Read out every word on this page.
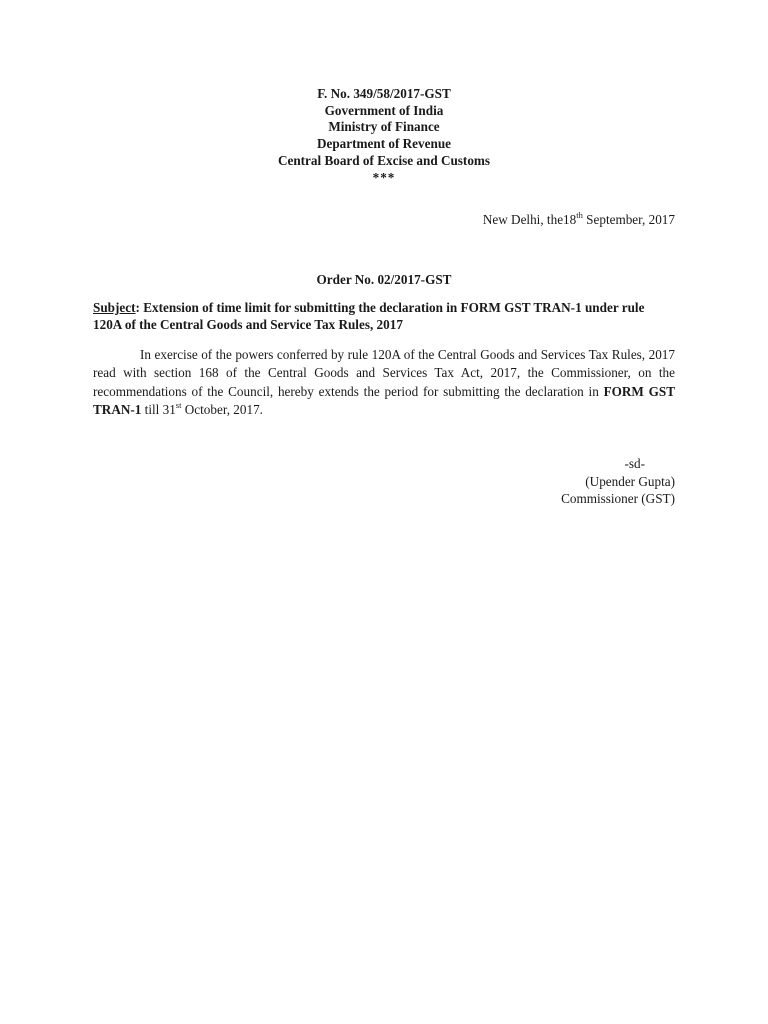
F. No. 349/58/2017-GST
Government of India
Ministry of Finance
Department of Revenue
Central Board of Excise and Customs
***
New Delhi, the18th September, 2017
Order No. 02/2017-GST
Subject: Extension of time limit for submitting the declaration in FORM GST TRAN-1 under rule 120A of the Central Goods and Service Tax Rules, 2017
In exercise of the powers conferred by rule 120A of the Central Goods and Services Tax Rules, 2017 read with section 168 of the Central Goods and Services Tax Act, 2017, the Commissioner, on the recommendations of the Council, hereby extends the period for submitting the declaration in FORM GST TRAN-1 till 31st October, 2017.
-sd-
(Upender Gupta)
Commissioner (GST)
